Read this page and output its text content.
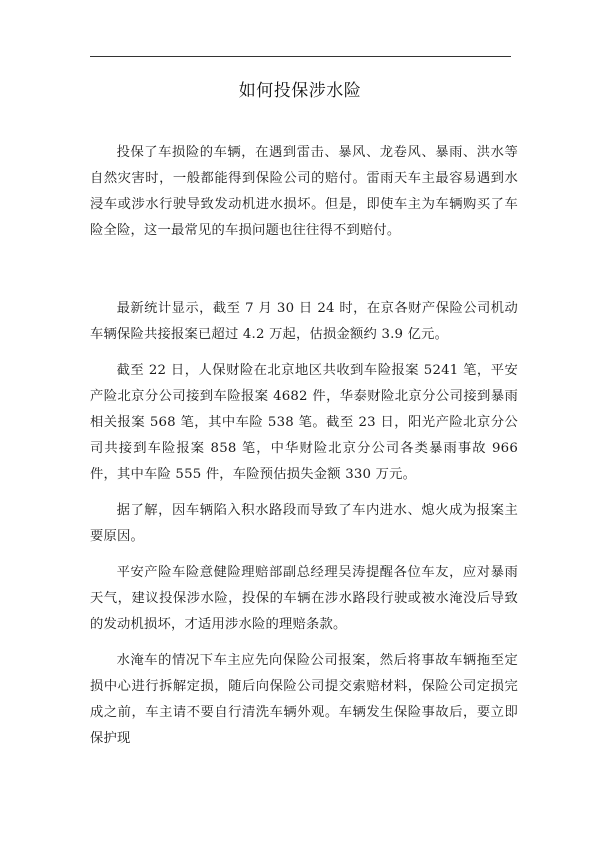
如何投保涉水险

投保了车损险的车辆，在遇到雷击、暴风、龙卷风、暴雨、洪水等自然灾害时，一般都能得到保险公司的赔付。雷雨天车主最容易遇到水浸车或涉水行驶导致发动机进水损坏。但是，即使车主为车辆购买了车险全险，这一最常见的车损问题也往往得不到赔付。

最新统计显示，截至 7 月 30 日 24 时，在京各财产保险公司机动车辆保险共接报案已超过 4.2 万起，估损金额约 3.9 亿元。

截至 22 日，人保财险在北京地区共收到车险报案 5241 笔，平安产险北京分公司接到车险报案 4682 件，华泰财险北京分公司接到暴雨相关报案 568 笔，其中车险 538 笔。截至 23 日，阳光产险北京分公司共接到车险报案 858 笔，中华财险北京分公司各类暴雨事故 966 件，其中车险 555 件，车险预估损失金额 330 万元。

据了解，因车辆陷入积水路段而导致了车内进水、熄火成为报案主要原因。

平安产险车险意健险理赔部副总经理吴涛提醒各位车友，应对暴雨天气，建议投保涉水险，投保的车辆在涉水路段行驶或被水淹没后导致的发动机损坏，才适用涉水险的理赔条款。

水淹车的情况下车主应先向保险公司报案，然后将事故车辆拖至定损中心进行拆解定损，随后向保险公司提交索赔材料，保险公司定损完成之前，车主请不要自行清洗车辆外观。车辆发生保险事故后，要立即保护现
